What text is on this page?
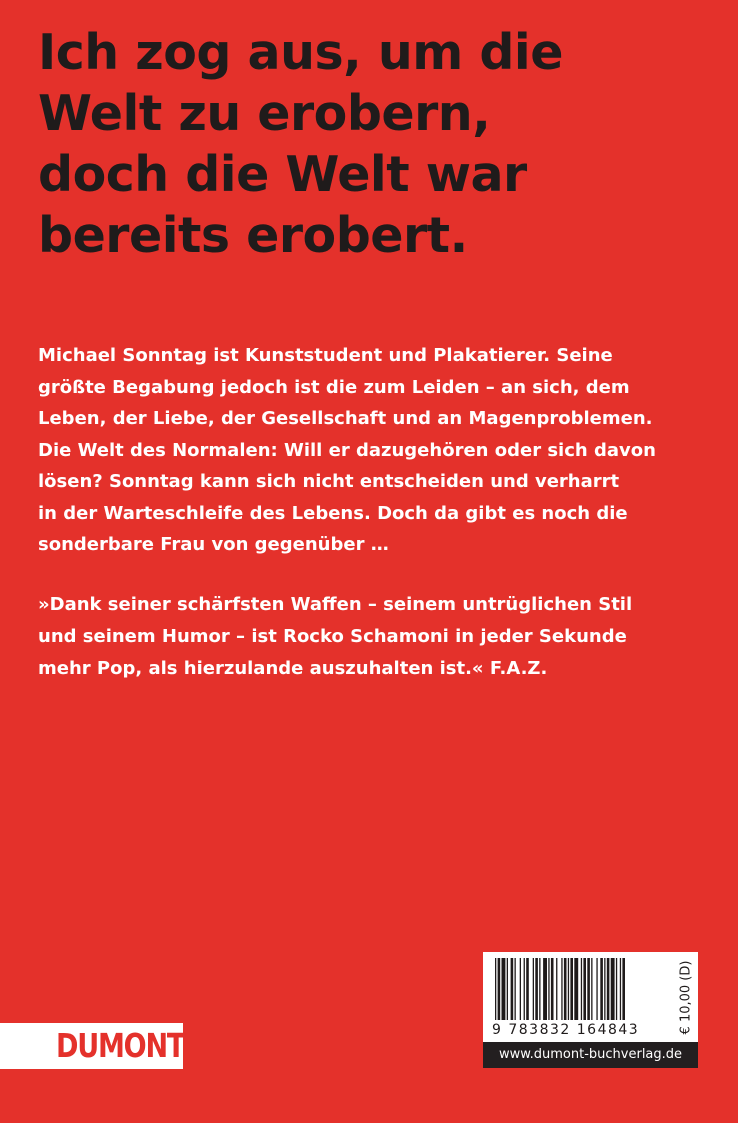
Ich zog aus, um die
Welt zu erobern,
doch die Welt war
bereits erobert.
Michael Sonntag ist Kunststudent und Plakatierer. Seine
größte Begabung jedoch ist die zum Leiden – an sich, dem
Leben, der Liebe, der Gesellschaft und an Magenproblemen.
Die Welt des Normalen: Will er dazugehören oder sich davon
lösen? Sonntag kann sich nicht entscheiden und verharrt
in der Warteschleife des Lebens. Doch da gibt es noch die
sonderbare Frau von gegenüber …
»Dank seiner schärfsten Waffen – seinem untrüglichen Stil
und seinem Humor – ist Rocko Schamoni in jeder Sekunde
mehr Pop, als hierzulande auszuhalten ist.« F.A.Z.
DUMONT	9 783832 164843	€ 10,00 (D)
www.dumont-buchverlag.de
